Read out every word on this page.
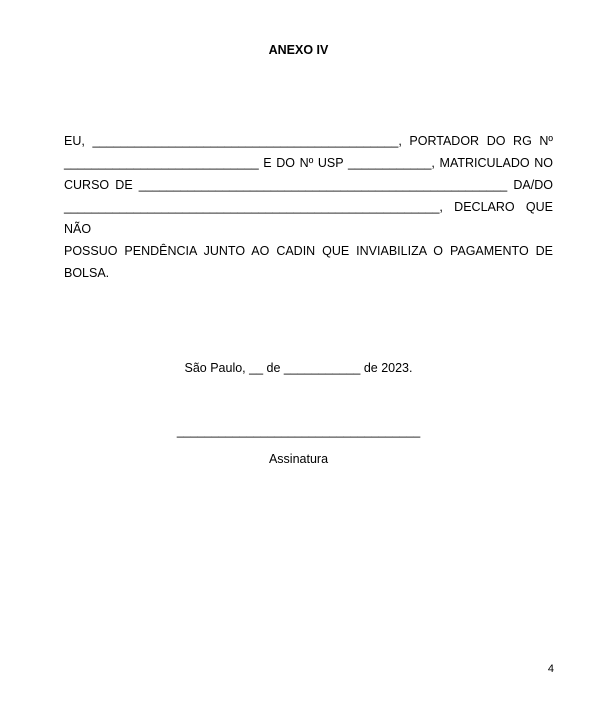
ANEXO IV
EU, ____________________________________________, PORTADOR DO RG Nº
____________________________ E DO Nº USP ____________, MATRICULADO NO
CURSO DE _____________________________________________________ DA/DO
______________________________________________________, DECLARO QUE NÃO
POSSUO PENDÊNCIA JUNTO AO CADIN QUE INVIABILIZA O PAGAMENTO DE
BOLSA.
São Paulo, __ de ___________ de 2023.
___________________________________
Assinatura
4
